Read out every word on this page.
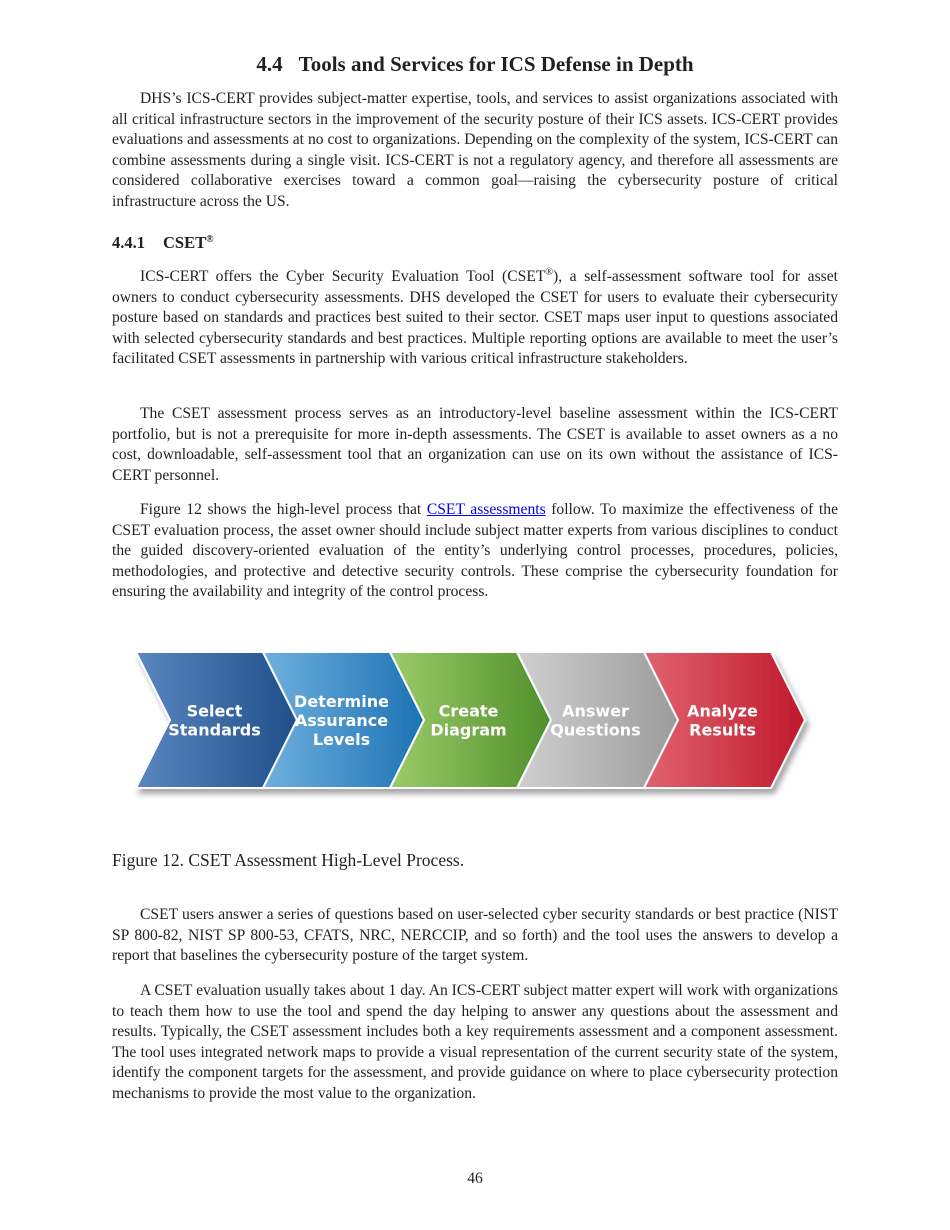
4.4 Tools and Services for ICS Defense in Depth

DHS’s ICS-CERT provides subject-matter expertise, tools, and services to assist organizations associated with all critical infrastructure sectors in the improvement of the security posture of their ICS assets. ICS-CERT provides evaluations and assessments at no cost to organizations. Depending on the complexity of the system, ICS-CERT can combine assessments during a single visit. ICS-CERT is not a regulatory agency, and therefore all assessments are considered collaborative exercises toward a common goal—raising the cybersecurity posture of critical infrastructure across the US.

4.4.1 CSET®

ICS-CERT offers the Cyber Security Evaluation Tool (CSET®), a self-assessment software tool for asset owners to conduct cybersecurity assessments. DHS developed the CSET for users to evaluate their cybersecurity posture based on standards and practices best suited to their sector. CSET maps user input to questions associated with selected cybersecurity standards and best practices. Multiple reporting options are available to meet the user’s facilitated CSET assessments in partnership with various critical infrastructure stakeholders.

The CSET assessment process serves as an introductory-level baseline assessment within the ICS-CERT portfolio, but is not a prerequisite for more in-depth assessments. The CSET is available to asset owners as a no cost, downloadable, self-assessment tool that an organization can use on its own without the assistance of ICS-CERT personnel.

Figure 12 shows the high-level process that CSET assessments follow. To maximize the effectiveness of the CSET evaluation process, the asset owner should include subject matter experts from various disciplines to conduct the guided discovery-oriented evaluation of the entity’s underlying control processes, procedures, policies, methodologies, and protective and detective security controls. These comprise the cybersecurity foundation for ensuring the availability and integrity of the control process.

Figure 12. CSET Assessment High-Level Process.

CSET users answer a series of questions based on user-selected cyber security standards or best practice (NIST SP 800-82, NIST SP 800-53, CFATS, NRC, NERCCIP, and so forth) and the tool uses the answers to develop a report that baselines the cybersecurity posture of the target system.

A CSET evaluation usually takes about 1 day. An ICS-CERT subject matter expert will work with organizations to teach them how to use the tool and spend the day helping to answer any questions about the assessment and results. Typically, the CSET assessment includes both a key requirements assessment and a component assessment. The tool uses integrated network maps to provide a visual representation of the current security state of the system, identify the component targets for the assessment, and provide guidance on where to place cybersecurity protection mechanisms to provide the most value to the organization.

Select Standards
Determine Assurance Levels
Create Diagram
Answer Questions
Analyze Results
46
